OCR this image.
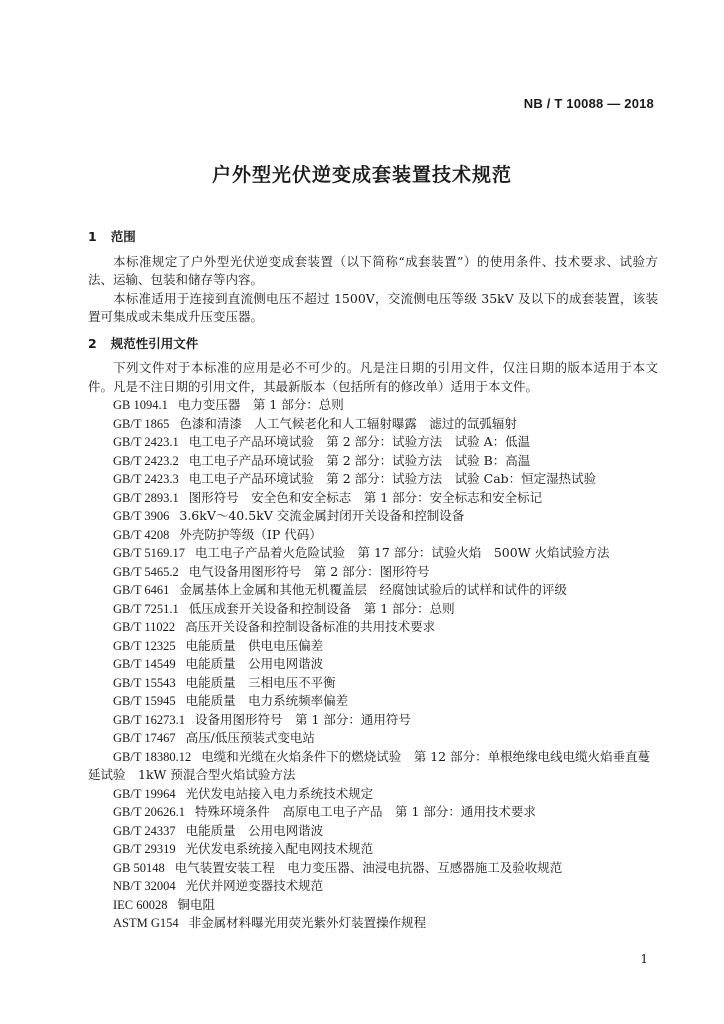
NB / T 10088 — 2018
户外型光伏逆变成套装置技术规范
1 范围

本标准规定了户外型光伏逆变成套装置（以下简称“成套装置”）的使用条件、技术要求、试验方法、运输、包装和储存等内容。

本标准适用于连接到直流侧电压不超过 1500V，交流侧电压等级 35kV 及以下的成套装置，该装置可集成或未集成升压变压器。

2 规范性引用文件

下列文件对于本标准的应用是必不可少的。凡是注日期的引用文件，仅注日期的版本适用于本文件。凡是不注日期的引用文件，其最新版本（包括所有的修改单）适用于本文件。

GB 1094.1 电力变压器　第 1 部分：总则
GB/T 1865 色漆和清漆　人工气候老化和人工辐射曝露　滤过的氙弧辐射
GB/T 2423.1 电工电子产品环境试验　第 2 部分：试验方法　试验 A：低温
GB/T 2423.2 电工电子产品环境试验　第 2 部分：试验方法　试验 B：高温
GB/T 2423.3 电工电子产品环境试验　第 2 部分：试验方法　试验 Cab：恒定湿热试验
GB/T 2893.1 图形符号　安全色和安全标志　第 1 部分：安全标志和安全标记
GB/T 3906 3.6kV～40.5kV 交流金属封闭开关设备和控制设备
GB/T 4208 外壳防护等级（IP 代码）
GB/T 5169.17 电工电子产品着火危险试验　第 17 部分：试验火焰　500W 火焰试验方法
GB/T 5465.2 电气设备用图形符号　第 2 部分：图形符号
GB/T 6461 金属基体上金属和其他无机覆盖层　经腐蚀试验后的试样和试件的评级
GB/T 7251.1 低压成套开关设备和控制设备　第 1 部分：总则
GB/T 11022 高压开关设备和控制设备标准的共用技术要求
GB/T 12325 电能质量　供电电压偏差
GB/T 14549 电能质量　公用电网谐波
GB/T 15543 电能质量　三相电压不平衡
GB/T 15945 电能质量　电力系统频率偏差
GB/T 16273.1 设备用图形符号　第 1 部分：通用符号
GB/T 17467 高压/低压预装式变电站
GB/T 18380.12 电缆和光缆在火焰条件下的燃烧试验　第 12 部分：单根绝缘电线电缆火焰垂直蔓延试验　1kW 预混合型火焰试验方法
GB/T 19964 光伏发电站接入电力系统技术规定
GB/T 20626.1 特殊环境条件　高原电工电子产品　第 1 部分：通用技术要求
GB/T 24337 电能质量　公用电网谐波
GB/T 29319 光伏发电系统接入配电网技术规范
GB 50148 电气装置安装工程　电力变压器、油浸电抗器、互感器施工及验收规范
NB/T 32004 光伏并网逆变器技术规范
IEC 60028 铜电阻
ASTM G154 非金属材料曝光用荧光紫外灯装置操作规程
1
